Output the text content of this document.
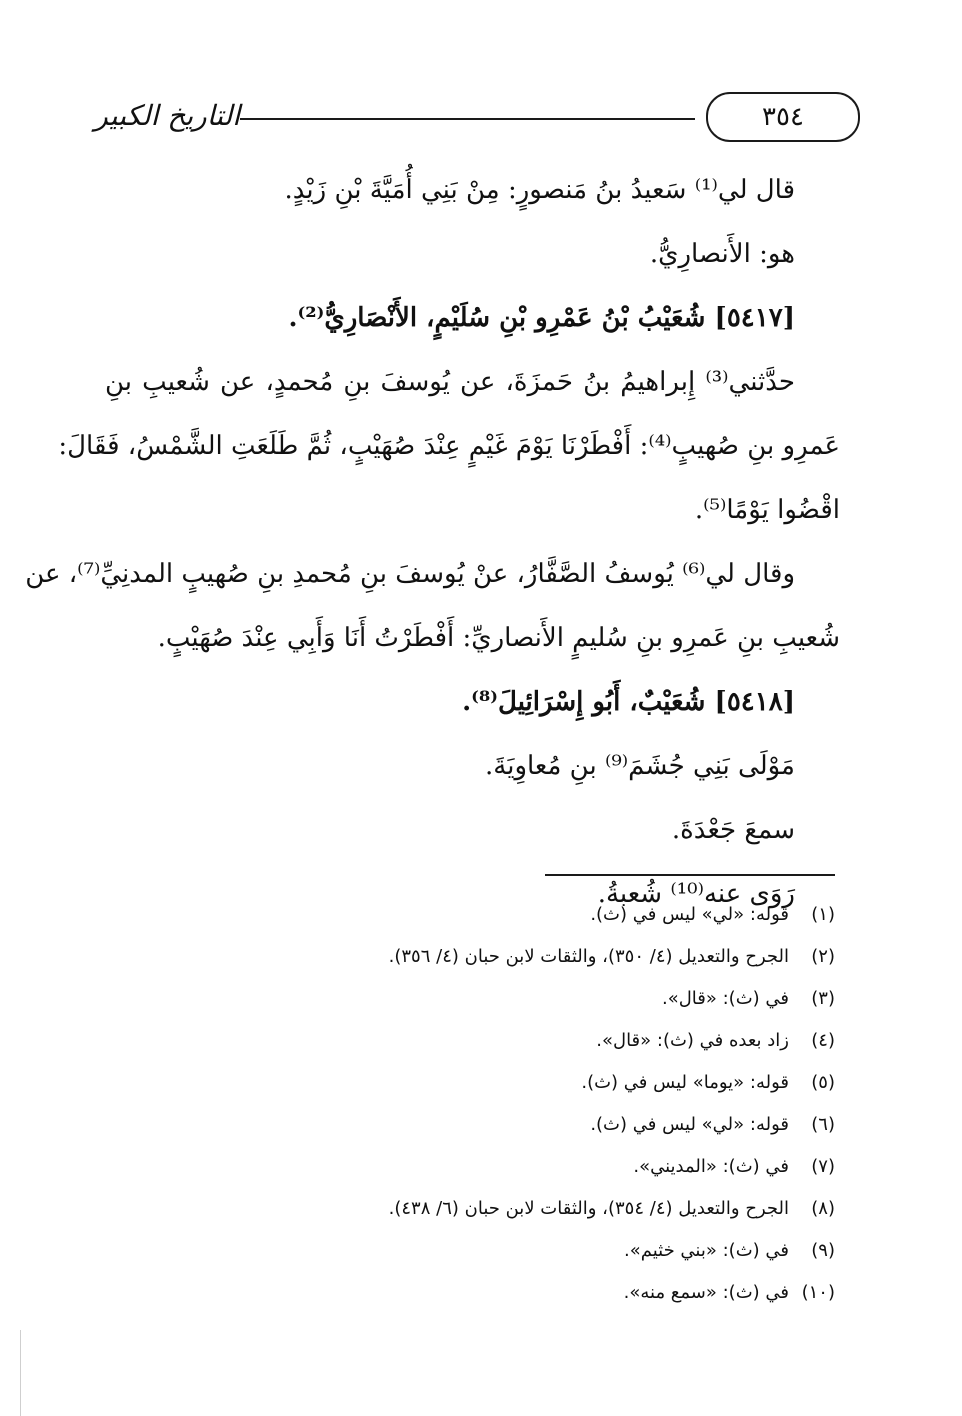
التاريخ الكبير	٣٥٤
قال لي⁽¹⁾ سَعيدُ بنُ مَنصورٍ: مِنْ بَنِي أُمَيَّةَ بْنِ زَيْدٍ.
هو: الأَنصارِيُّ.
[٥٤١٧] شُعَيْبُ بْنُ عَمْرِو بْنِ سُلَيْمٍ، الأَنْصَارِيُّ⁽²⁾.
حدَّثني⁽³⁾ إِبراهيمُ بنُ حَمزَةَ، عن يُوسفَ بنِ مُحمدٍ، عن شُعيبِ بنِ
عَمرِو بنِ صُهيبٍ⁽⁴⁾: أَفْطَرْنَا يَوْمَ غَيْمٍ عِنْدَ صُهَيْبٍ، ثُمَّ طَلَعَتِ الشَّمْسُ، فَقَالَ:
اقْضُوا يَوْمًا⁽⁵⁾.
وقال لي⁽⁶⁾ يُوسفُ الصَّفَّارُ، عنْ يُوسفَ بنِ مُحمدِ بنِ صُهيبٍ المدنِيِّ⁽⁷⁾، عن
شُعيبِ بنِ عَمرِو بنِ سُليمٍ الأَنصاريِّ: أَفْطَرْتُ أَنَا وَأَبِي عِنْدَ صُهَيْبٍ.
[٥٤١٨] شُعَيْبٌ، أَبُو إِسْرَائِيلَ⁽⁸⁾.
مَوْلَى بَنِي جُشَمَ⁽⁹⁾ بنِ مُعاوِيَةَ.
سمعَ جَعْدَةَ.
رَوَى عنه⁽¹⁰⁾ شُعبةُ.
(١)قوله: «لي» ليس في (ث).
(٢)الجرح والتعديل (٤/ ٣٥٠)، والثقات لابن حبان (٤/ ٣٥٦).
(٣)في (ث): «قال».
(٤)زاد بعده في (ث): «قال».
(٥)قوله: «يوما» ليس في (ث).
(٦)قوله: «لي» ليس في (ث).
(٧)في (ث): «المديني».
(٨)الجرح والتعديل (٤/ ٣٥٤)، والثقات لابن حبان (٦/ ٤٣٨).
(٩)في (ث): «بني خثيم».
(١٠)في (ث): «سمع منه».
